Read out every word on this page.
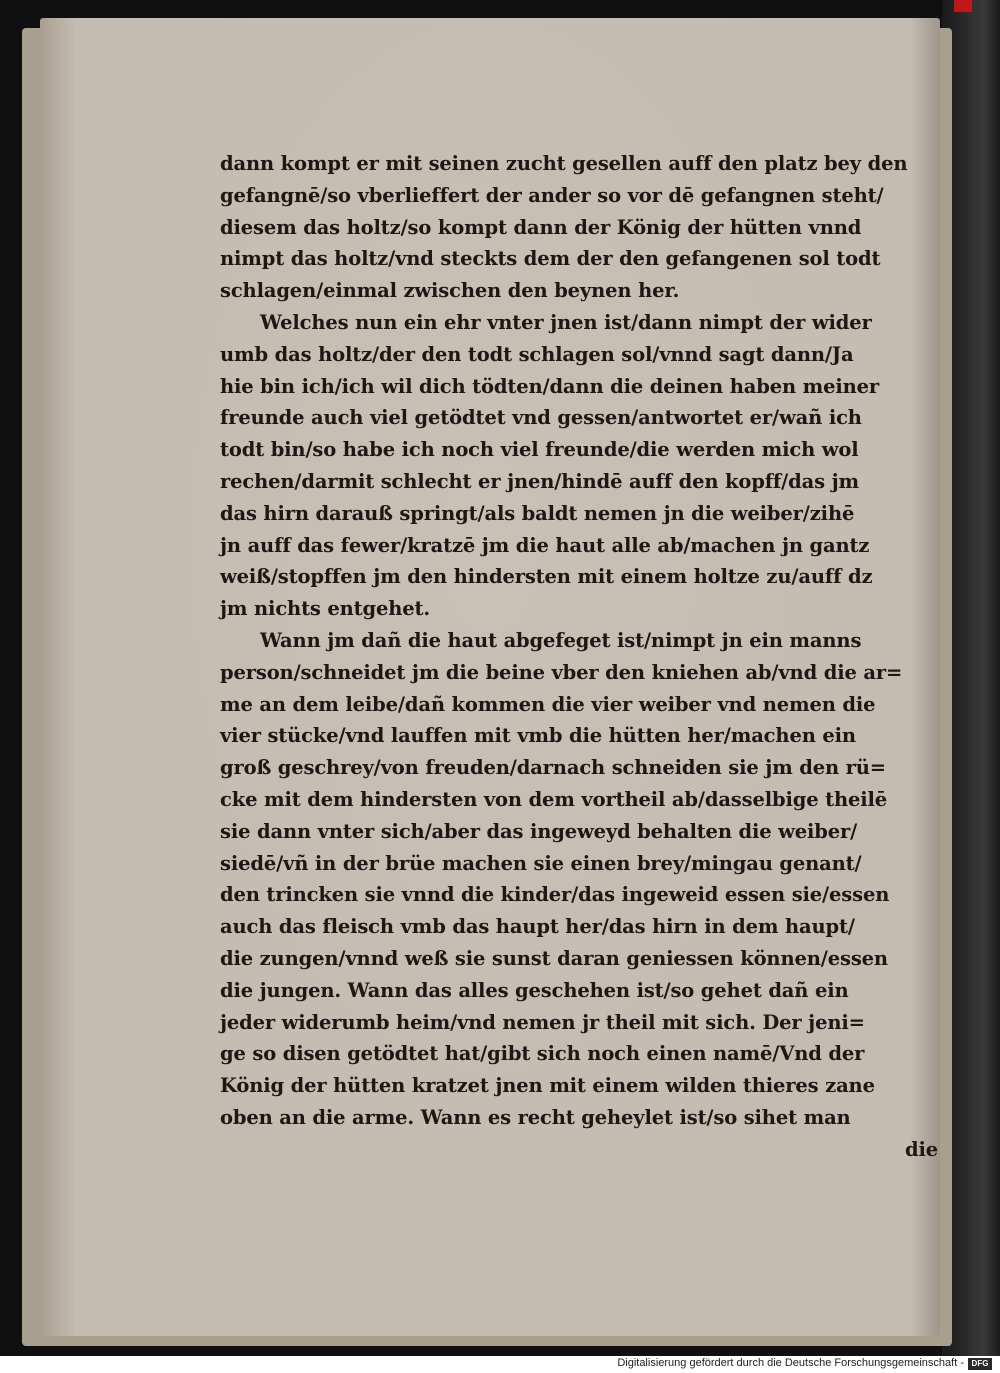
dann kompt er mit seinen zucht gesellen auff den platz bey den
gefangnē/so vberlieffert der ander so vor dē gefangnen steht/
diesem das holtz/so kompt dann der König der hütten vnnd
nimpt das holtz/vnd steckts dem der den gefangenen sol todt
schlagen/einmal zwischen den beynen her.
Welches nun ein ehr vnter jnen ist/dann nimpt der wider
umb das holtz/der den todt schlagen sol/vnnd sagt dann/Ja
hie bin ich/ich wil dich tödten/dann die deinen haben meiner
freunde auch viel getödtet vnd gessen/antwortet er/wañ ich
todt bin/so habe ich noch viel freunde/die werden mich wol
rechen/darmit schlecht er jnen/hindē auff den kopff/das jm
das hirn darauß springt/als baldt nemen jn die weiber/zihē
jn auff das fewer/kratzē jm die haut alle ab/machen jn gantz
weiß/stopffen jm den hindersten mit einem holtze zu/auff dz
jm nichts entgehet.
Wann jm dañ die haut abgefeget ist/nimpt jn ein manns
person/schneidet jm die beine vber den kniehen ab/vnd die ar=
me an dem leibe/dañ kommen die vier weiber vnd nemen die
vier stücke/vnd lauffen mit vmb die hütten her/machen ein
groß geschrey/von freuden/darnach schneiden sie jm den rü=
cke mit dem hindersten von dem vortheil ab/dasselbige theilē
sie dann vnter sich/aber das ingeweyd behalten die weiber/
siedē/vñ in der brüe machen sie einen brey/mingau genant/
den trincken sie vnnd die kinder/das ingeweid essen sie/essen
auch das fleisch vmb das haupt her/das hirn in dem haupt/
die zungen/vnnd weß sie sunst daran geniessen können/essen
die jungen. Wann das alles geschehen ist/so gehet dañ ein
jeder widerumb heim/vnd nemen jr theil mit sich. Der jeni=
ge so disen getödtet hat/gibt sich noch einen namē/Vnd der
König der hütten kratzet jnen mit einem wilden thieres zane
oben an die arme. Wann es recht geheylet ist/so sihet man
die
Digitalisierung gefördert durch die Deutsche Forschungsgemeinschaft - DFG
